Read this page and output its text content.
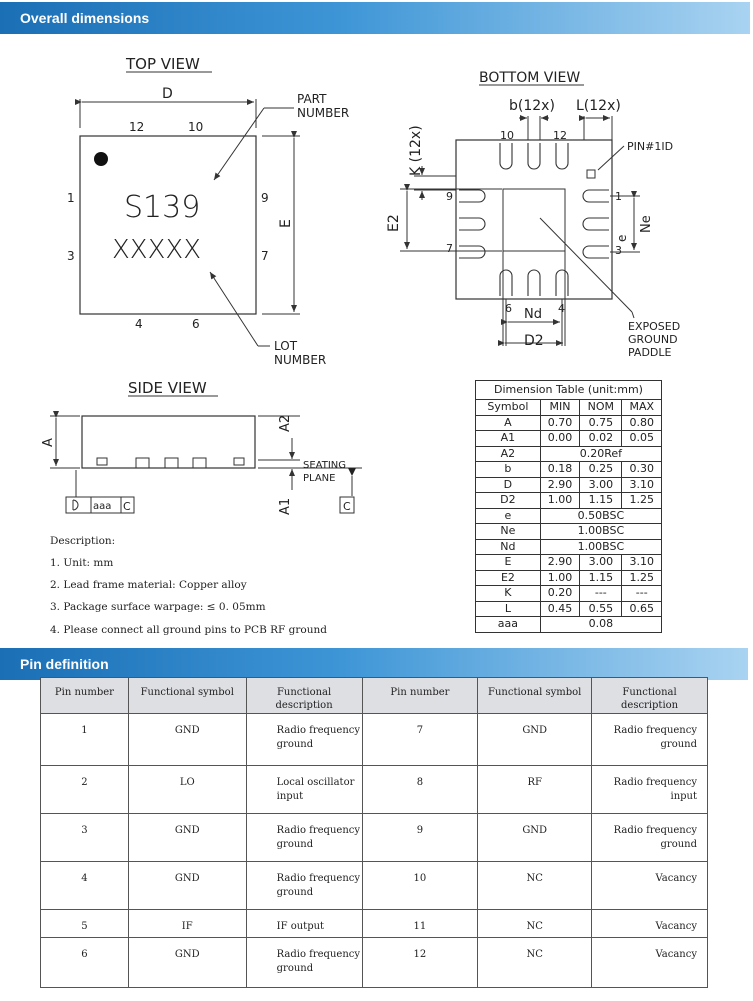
Overall dimensions
TOP VIEW
D
12	10
1
3
9
7
4	6
S139
XXXXX
E
PART
NUMBER
LOT
NUMBER
BOTTOM VIEW
PIN#1ID
b(12x) L(12x)
10	12
9
7
1
3
6	4
K (12x)
E2	Ne
e
Nd
D2
EXPOSED
GROUND
PADDLE
SIDE VIEW
A
A2
SEATING
PLANE
C
A1
aaa C
Description:
1. Unit: mm
2. Lead frame material: Copper alloy
3. Package surface warpage: ≤ 0. 05mm
4. Please connect all ground pins to PCB RF ground
Dimension Table (unit:mm)			
Symbol	MIN	NOM	MAX
A	0.70	0.75	0.80
A1	0.00	0.02	0.05
A2	0.20Ref		
b	0.18	0.25	0.30
D	2.90	3.00	3.10
D2	1.00	1.15	1.25
e	0.50BSC		
Ne	1.00BSC		
Nd	1.00BSC		
E	2.90	3.00	3.10
E2	1.00	1.15	1.25
K	0.20	---	---
L	0.45	0.55	0.65
aaa	0.08		
Pin definition
Pin number	Functional symbol	Functional description	Pin number	Functional symbol	Functional description
1	GND	Radio frequency ground	7	GND	Radio frequency ground
2	LO	Local oscillator input	8	RF	Radio frequency input
3	GND	Radio frequency ground	9	GND	Radio frequency ground
4	GND	Radio frequency ground	10	NC	Vacancy
5	IF	IF output	11	NC	Vacancy
6	GND	Radio frequency ground	12	NC	Vacancy
